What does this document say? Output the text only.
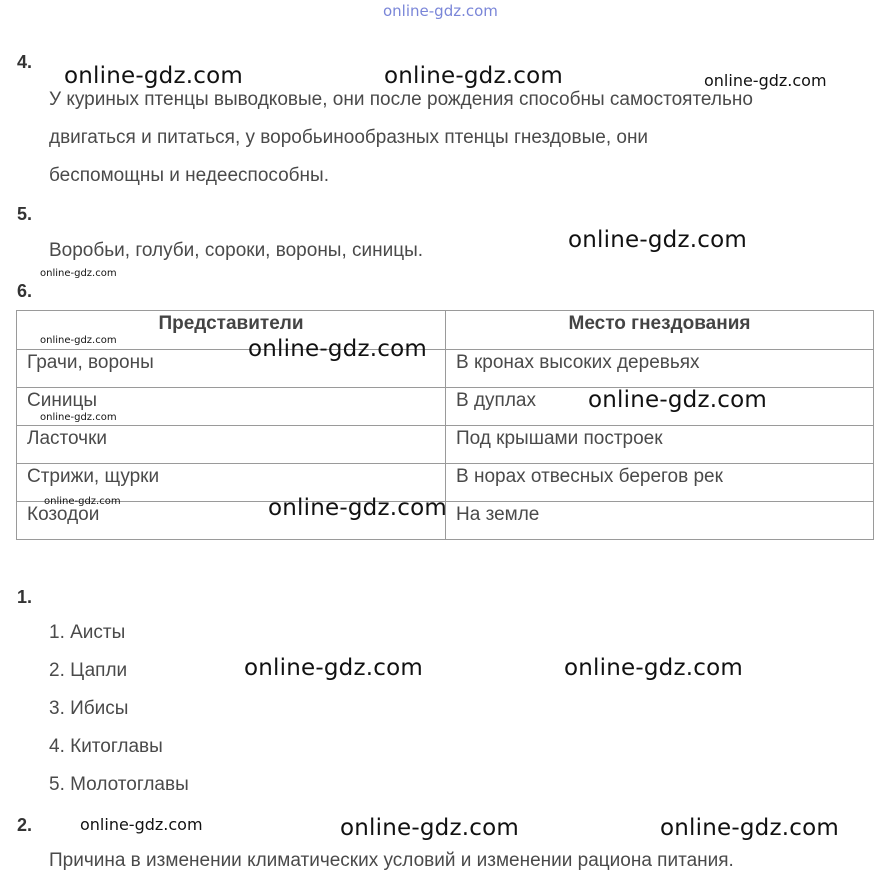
online-gdz.com
4.
online-gdz.com	online-gdz.com	online-gdz.com
У куриных птенцы выводковые, они после рождения способны самостоятельно
двигаться и питаться, у воробьинообразных птенцы гнездовые, они
беспомощны и недееспособны.
5.
Воробьи, голуби, сороки, вороны, синицы.	online-gdz.com
online-gdz.com
6.
Представители	Место гнездования
Грачи, вороны	В кронах высоких деревьях
Синицы	В дуплах
Ласточки	Под крышами построек
Стрижи, щурки	В норах отвесных берегов рек
Козодои	На земле
online-gdz.com	online-gdz.com
online-gdz.com
online-gdz.com
online-gdz.com	online-gdz.com
1.
1. Аисты
2. Цапли
3. Ибисы
4. Китоглавы
5. Молотоглавы
online-gdz.com	online-gdz.com
2.	online-gdz.com	online-gdz.com	online-gdz.com
Причина в изменении климатических условий и изменении рациона питания.
